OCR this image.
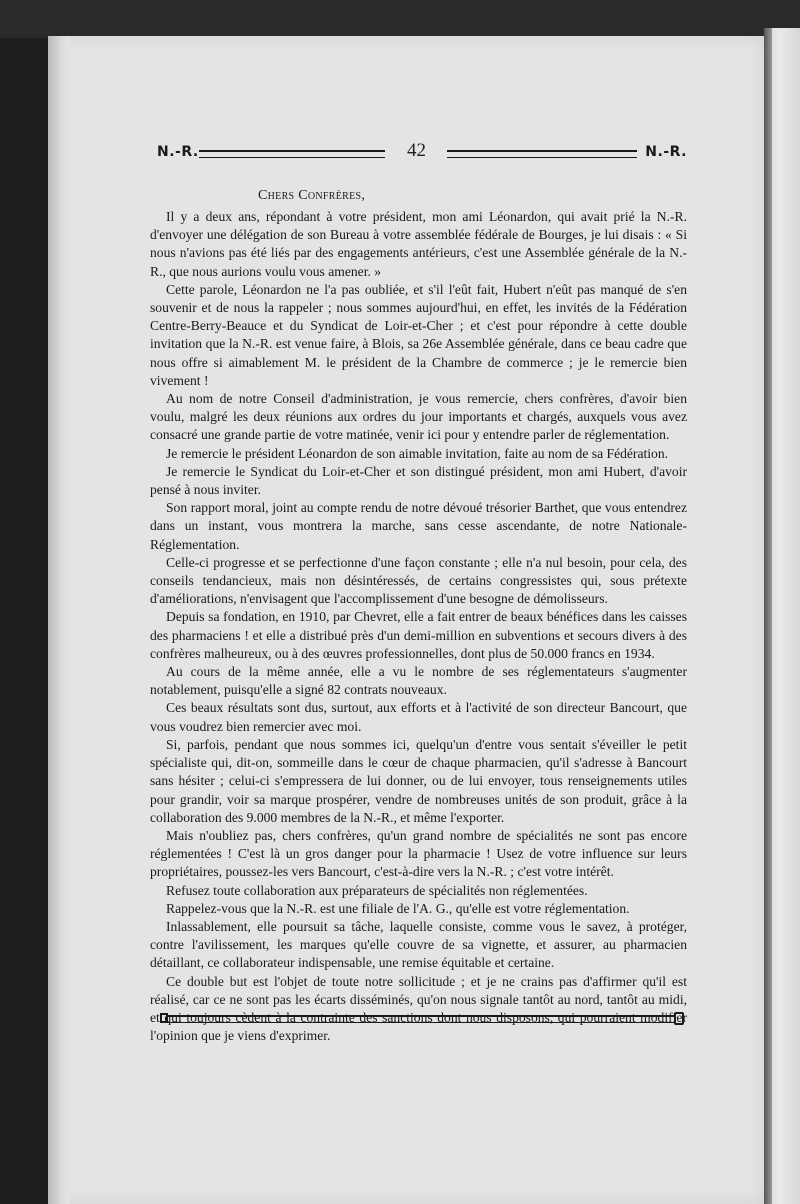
N.-R.	42	N.-R.
Chers Confrères,

Il y a deux ans, répondant à votre président, mon ami Léonardon, qui avait prié la N.-R. d'envoyer une délégation de son Bureau à votre assemblée fédérale de Bourges, je lui disais : « Si nous n'avions pas été liés par des engagements antérieurs, c'est une Assemblée générale de la N.-R., que nous aurions voulu vous amener. »

Cette parole, Léonardon ne l'a pas oubliée, et s'il l'eût fait, Hubert n'eût pas manqué de s'en souvenir et de nous la rappeler ; nous sommes aujourd'hui, en effet, les invités de la Fédération Centre-Berry-Beauce et du Syndicat de Loir-et-Cher ; et c'est pour répondre à cette double invitation que la N.-R. est venue faire, à Blois, sa 26e Assemblée générale, dans ce beau cadre que nous offre si aimablement M. le président de la Chambre de commerce ; je le remercie bien vivement !

Au nom de notre Conseil d'administration, je vous remercie, chers confrères, d'avoir bien voulu, malgré les deux réunions aux ordres du jour importants et chargés, auxquels vous avez consacré une grande partie de votre matinée, venir ici pour y entendre parler de réglementation.

Je remercie le président Léonardon de son aimable invitation, faite au nom de sa Fédération.

Je remercie le Syndicat du Loir-et-Cher et son distingué président, mon ami Hubert, d'avoir pensé à nous inviter.

Son rapport moral, joint au compte rendu de notre dévoué trésorier Barthet, que vous entendrez dans un instant, vous montrera la marche, sans cesse ascendante, de notre Nationale-Réglementation.

Celle-ci progresse et se perfectionne d'une façon constante ; elle n'a nul besoin, pour cela, des conseils tendancieux, mais non désintéressés, de certains congressistes qui, sous prétexte d'améliorations, n'envisagent que l'accomplissement d'une besogne de démolisseurs.

Depuis sa fondation, en 1910, par Chevret, elle a fait entrer de beaux bénéfices dans les caisses des pharmaciens ! et elle a distribué près d'un demi-million en subventions et secours divers à des confrères malheureux, ou à des œuvres professionnelles, dont plus de 50.000 francs en 1934.

Au cours de la même année, elle a vu le nombre de ses réglementateurs s'augmenter notablement, puisqu'elle a signé 82 contrats nouveaux.

Ces beaux résultats sont dus, surtout, aux efforts et à l'activité de son directeur Bancourt, que vous voudrez bien remercier avec moi.

Si, parfois, pendant que nous sommes ici, quelqu'un d'entre vous sentait s'éveiller le petit spécialiste qui, dit-on, sommeille dans le cœur de chaque pharmacien, qu'il s'adresse à Bancourt sans hésiter ; celui-ci s'empressera de lui donner, ou de lui envoyer, tous renseignements utiles pour grandir, voir sa marque prospérer, vendre de nombreuses unités de son produit, grâce à la collaboration des 9.000 membres de la N.-R., et même l'exporter.

Mais n'oubliez pas, chers confrères, qu'un grand nombre de spécialités ne sont pas encore réglementées ! C'est là un gros danger pour la pharmacie ! Usez de votre influence sur leurs propriétaires, poussez-les vers Bancourt, c'est-à-dire vers la N.-R. ; c'est votre intérêt.

Refusez toute collaboration aux préparateurs de spécialités non réglementées.

Rappelez-vous que la N.-R. est une filiale de l'A. G., qu'elle est votre réglementation.

Inlassablement, elle poursuit sa tâche, laquelle consiste, comme vous le savez, à protéger, contre l'avilissement, les marques qu'elle couvre de sa vignette, et assurer, au pharmacien détaillant, ce collaborateur indispensable, une remise équitable et certaine.

Ce double but est l'objet de toute notre sollicitude ; et je ne crains pas d'affirmer qu'il est réalisé, car ce ne sont pas les écarts disséminés, qu'on nous signale tantôt au nord, tantôt au midi, et qui toujours cèdent à la contrainte des sanctions dont nous disposons, qui pourraient modifier l'opinion que je viens d'exprimer.
